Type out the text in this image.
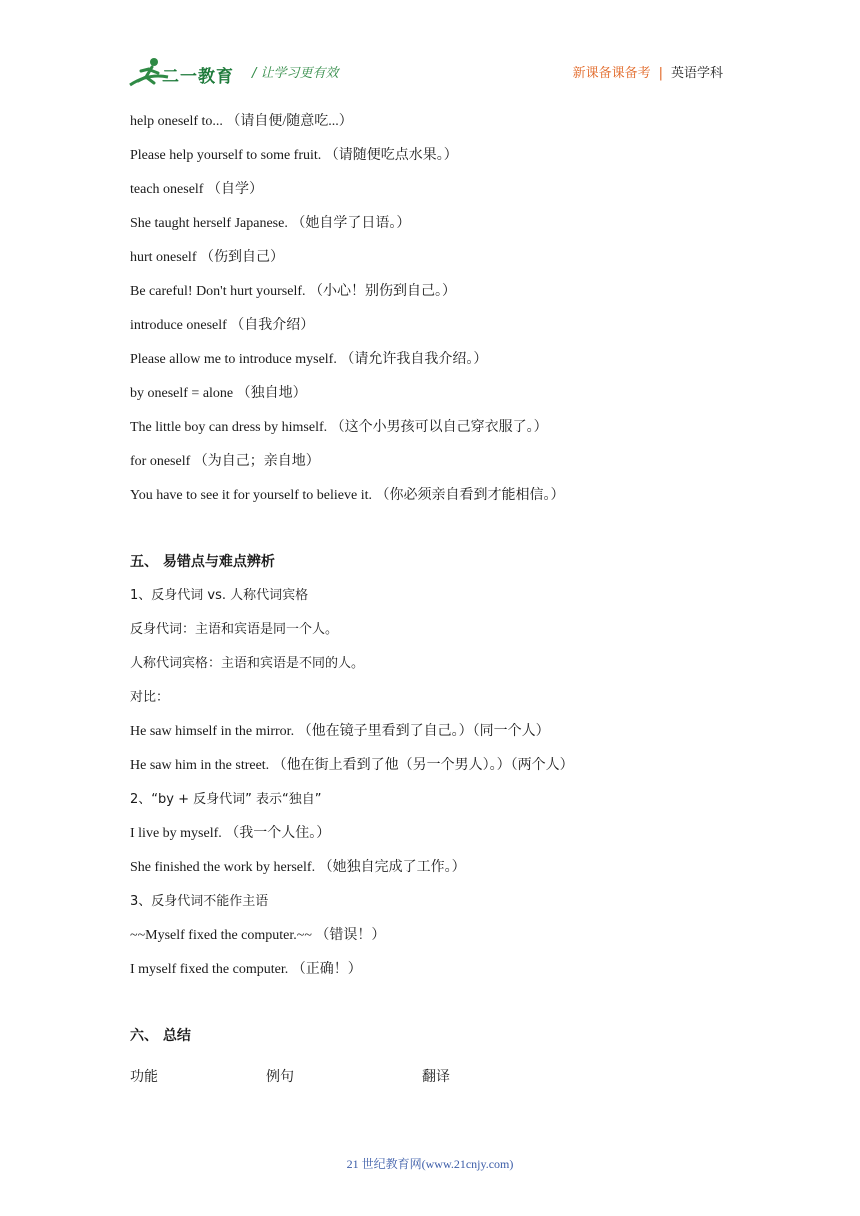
二一教育 / 让学习更有效	新课备课备考 | 英语学科
help oneself to... （请自便/随意吃...）
Please help yourself to some fruit. （请随便吃点水果。）
teach oneself （自学）
She taught herself Japanese. （她自学了日语。）
hurt oneself （伤到自己）
Be careful! Don't hurt yourself. （小心！别伤到自己。）
introduce oneself （自我介绍）
Please allow me to introduce myself. （请允许我自我介绍。）
by oneself = alone （独自地）
The little boy can dress by himself. （这个小男孩可以自己穿衣服了。）
for oneself （为自己；亲自地）
You have to see it for yourself to believe it. （你必须亲自看到才能相信。）
五、 易错点与难点辨析
1、反身代词 vs. 人称代词宾格
反身代词：主语和宾语是同一个人。
人称代词宾格：主语和宾语是不同的人。
对比：
He saw himself in the mirror. （他在镜子里看到了自己。）（同一个人）
He saw him in the street. （他在街上看到了他（另一个男人）。）（两个人）
2、“by + 反身代词” 表示“独自”
I live by myself. （我一个人住。）
She finished the work by herself. （她独自完成了工作。）
3、反身代词不能作主语
~~Myself fixed the computer.~~ （错误！）
I myself fixed the computer. （正确！）
六、 总结
功能	例句	翻译
21 世纪教育网(www.21cnjy.com)
